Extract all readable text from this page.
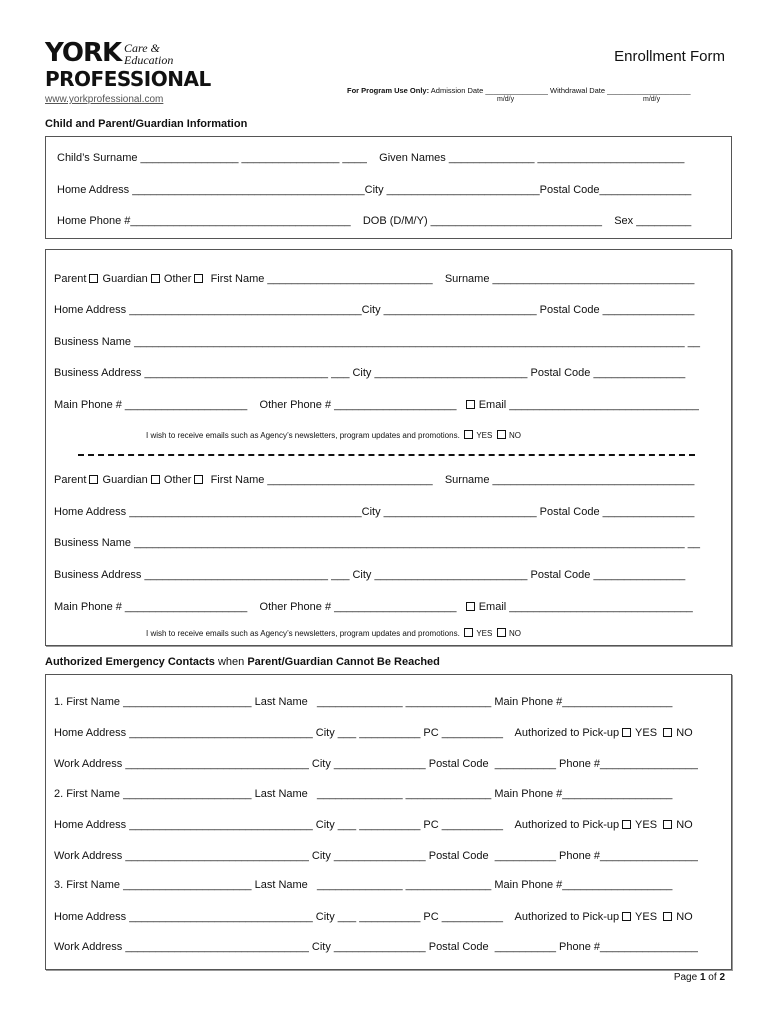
YORK Care &
Education
PROFESSIONAL
www.yorkprofessional.com
Enrollment Form
For Program Use Only: Admission Date _______________ Withdrawal Date ____________________
m/d/y	m/d/y
Child and Parent/Guardian Information
Child’s Surname ________________ ________________ ____    Given Names ______________ ________________________
Home Address ______________________________________City _________________________Postal Code_______________
Home Phone #____________________________________    DOB (D/M/Y) ____________________________    Sex _________
Parent  Guardian  Other   First Name ___________________________    Surname _________________________________
Home Address ______________________________________City _________________________ Postal Code _______________
Business Name __________________________________________________________________________________________ __
Business Address ______________________________ ___ City _________________________ Postal Code _______________
Main Phone # ____________________    Other Phone # ____________________    Email _______________________________
I wish to receive emails such as Agency’s newsletters, program updates and promotions.   YES   NO
Parent  Guardian  Other   First Name ___________________________    Surname _________________________________
Home Address ______________________________________City _________________________ Postal Code _______________
Business Name __________________________________________________________________________________________ __
Business Address ______________________________ ___ City _________________________ Postal Code _______________
Main Phone # ____________________    Other Phone # ____________________    Email ______________________________
I wish to receive emails such as Agency’s newsletters, program updates and promotions.   YES   NO
Authorized Emergency Contacts when Parent/Guardian Cannot Be Reached
1. First Name _____________________ Last Name   ______________ ______________ Main Phone #__________________
Home Address ______________________________ City ___ __________ PC __________    Authorized to Pick-up  YES   NO
Work Address ______________________________ City _______________ Postal Code  __________ Phone #________________
2. First Name _____________________ Last Name   ______________ ______________ Main Phone #__________________
Home Address ______________________________ City ___ __________ PC __________    Authorized to Pick-up  YES   NO
Work Address ______________________________ City _______________ Postal Code  __________ Phone #________________
3. First Name _____________________ Last Name   ______________ ______________ Main Phone #__________________
Home Address ______________________________ City ___ __________ PC __________    Authorized to Pick-up  YES   NO
Work Address ______________________________ City _______________ Postal Code  __________ Phone #________________
Page 1 of 2
